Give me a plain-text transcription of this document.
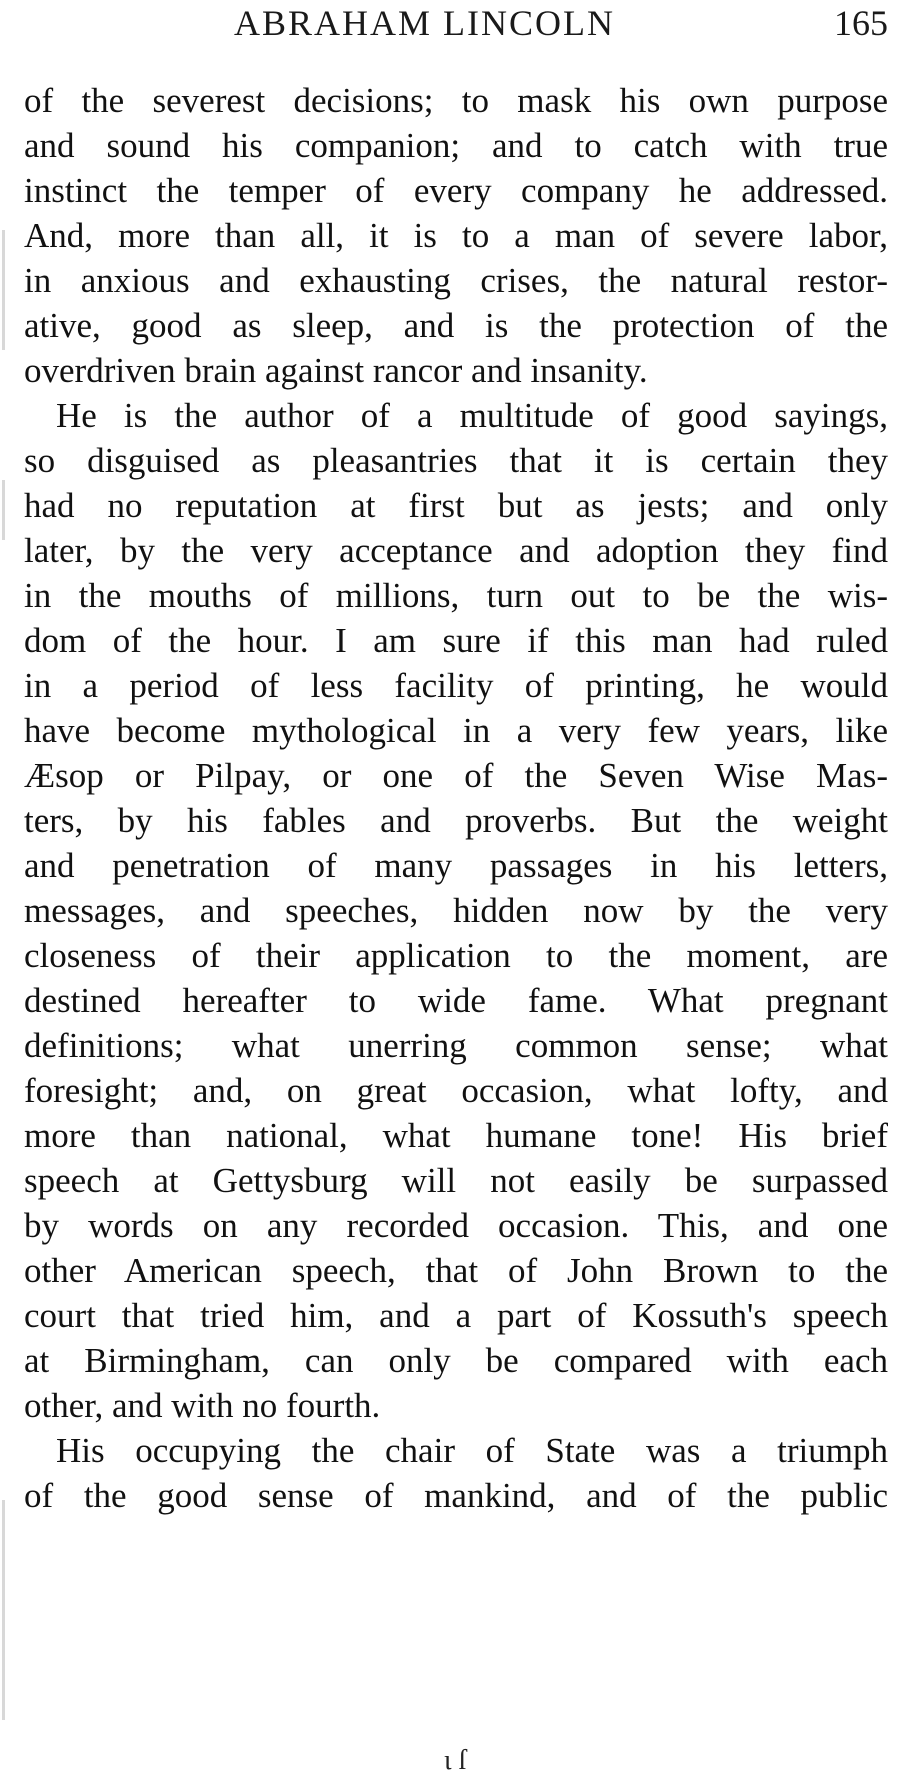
ABRAHAM LINCOLN	165
of the severest decisions; to mask his own purpose
and sound his companion; and to catch with true
instinct the temper of every company he addressed.
And, more than all, it is to a man of severe labor,
in anxious and exhausting crises, the natural restor-
ative, good as sleep, and is the protection of the
overdriven brain against rancor and insanity.
He is the author of a multitude of good sayings,
so disguised as pleasantries that it is certain they
had no reputation at first but as jests; and only
later, by the very acceptance and adoption they find
in the mouths of millions, turn out to be the wis-
dom of the hour. I am sure if this man had ruled
in a period of less facility of printing, he would
have become mythological in a very few years, like
Æsop or Pilpay, or one of the Seven Wise Mas-
ters, by his fables and proverbs. But the weight
and penetration of many passages in his letters,
messages, and speeches, hidden now by the very
closeness of their application to the moment, are
destined hereafter to wide fame. What pregnant
definitions; what unerring common sense; what
foresight; and, on great occasion, what lofty, and
more than national, what humane tone! His brief
speech at Gettysburg will not easily be surpassed
by words on any recorded occasion. This, and one
other American speech, that of John Brown to the
court that tried him, and a part of Kossuth's speech
at Birmingham, can only be compared with each
other, and with no fourth.
His occupying the chair of State was a triumph
of the good sense of mankind, and of the public
ι ſ
